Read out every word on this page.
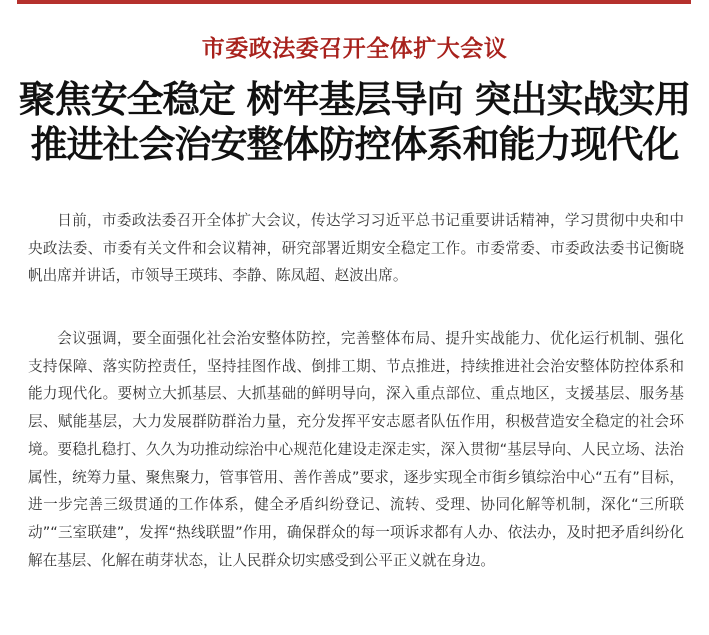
市委政法委召开全体扩大会议
聚焦安全稳定 树牢基层导向 突出实战实用
推进社会治安整体防控体系和能力现代化

日前，市委政法委召开全体扩大会议，传达学习习近平总书记重要讲话精神，学习贯彻中央和中央政法委、市委有关文件和会议精神，研究部署近期安全稳定工作。市委常委、市委政法委书记衡晓帆出席并讲话，市领导王瑛玮、李静、陈凤超、赵波出席。

会议强调，要全面强化社会治安整体防控，完善整体布局、提升实战能力、优化运行机制、强化支持保障、落实防控责任，坚持挂图作战、倒排工期、节点推进，持续推进社会治安整体防控体系和能力现代化。要树立大抓基层、大抓基础的鲜明导向，深入重点部位、重点地区，支援基层、服务基层、赋能基层，大力发展群防群治力量，充分发挥平安志愿者队伍作用，积极营造安全稳定的社会环境。要稳扎稳打、久久为功推动综治中心规范化建设走深走实，深入贯彻“基层导向、人民立场、法治属性，统筹力量、聚焦聚力，管事管用、善作善成”要求，逐步实现全市街乡镇综治中心“五有”目标，进一步完善三级贯通的工作体系，健全矛盾纠纷登记、流转、受理、协同化解等机制，深化“三所联动”“三室联建”，发挥“热线联盟”作用，确保群众的每一项诉求都有人办、依法办，及时把矛盾纠纷化解在基层、化解在萌芽状态，让人民群众切实感受到公平正义就在身边。
